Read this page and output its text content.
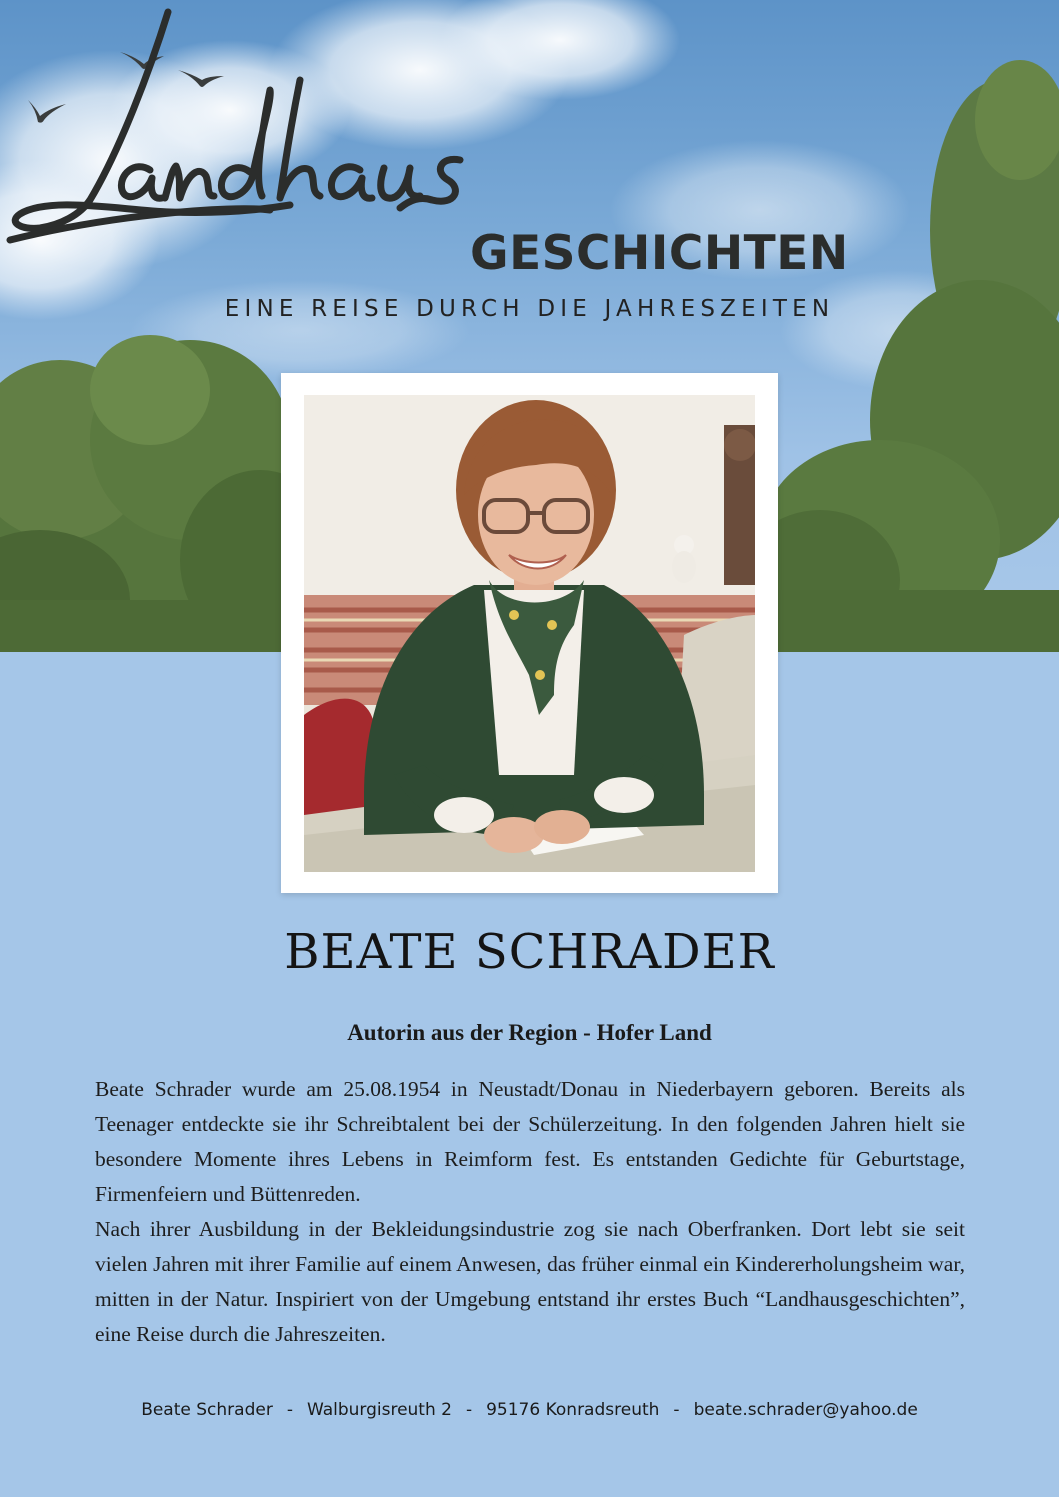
GESCHICHTEN
EINE REISE DURCH DIE JAHRESZEITEN
BEATE SCHRADER
Autorin aus der Region - Hofer Land

Beate Schrader wurde am 25.08.1954 in Neustadt/Donau in Niederbayern geboren. Bereits als Teenager entdeckte sie ihr Schreibtalent bei der Schülerzeitung. In den folgenden Jahren hielt sie besondere Momente ihres Lebens in Reimform fest. Es entstanden Gedichte für Geburtstage, Firmenfeiern und Büttenreden.

Nach ihrer Ausbildung in der Bekleidungsindustrie zog sie nach Oberfranken. Dort lebt sie seit vielen Jahren mit ihrer Familie auf einem Anwesen, das früher einmal ein Kindererholungsheim war, mitten in der Natur. Inspiriert von der Umgebung entstand ihr erstes Buch “Landhausgeschichten”, eine Reise durch die Jahreszeiten.

Beate Schrader - Walburgisreuth 2 - 95176 Konradsreuth - beate.schrader@yahoo.de
